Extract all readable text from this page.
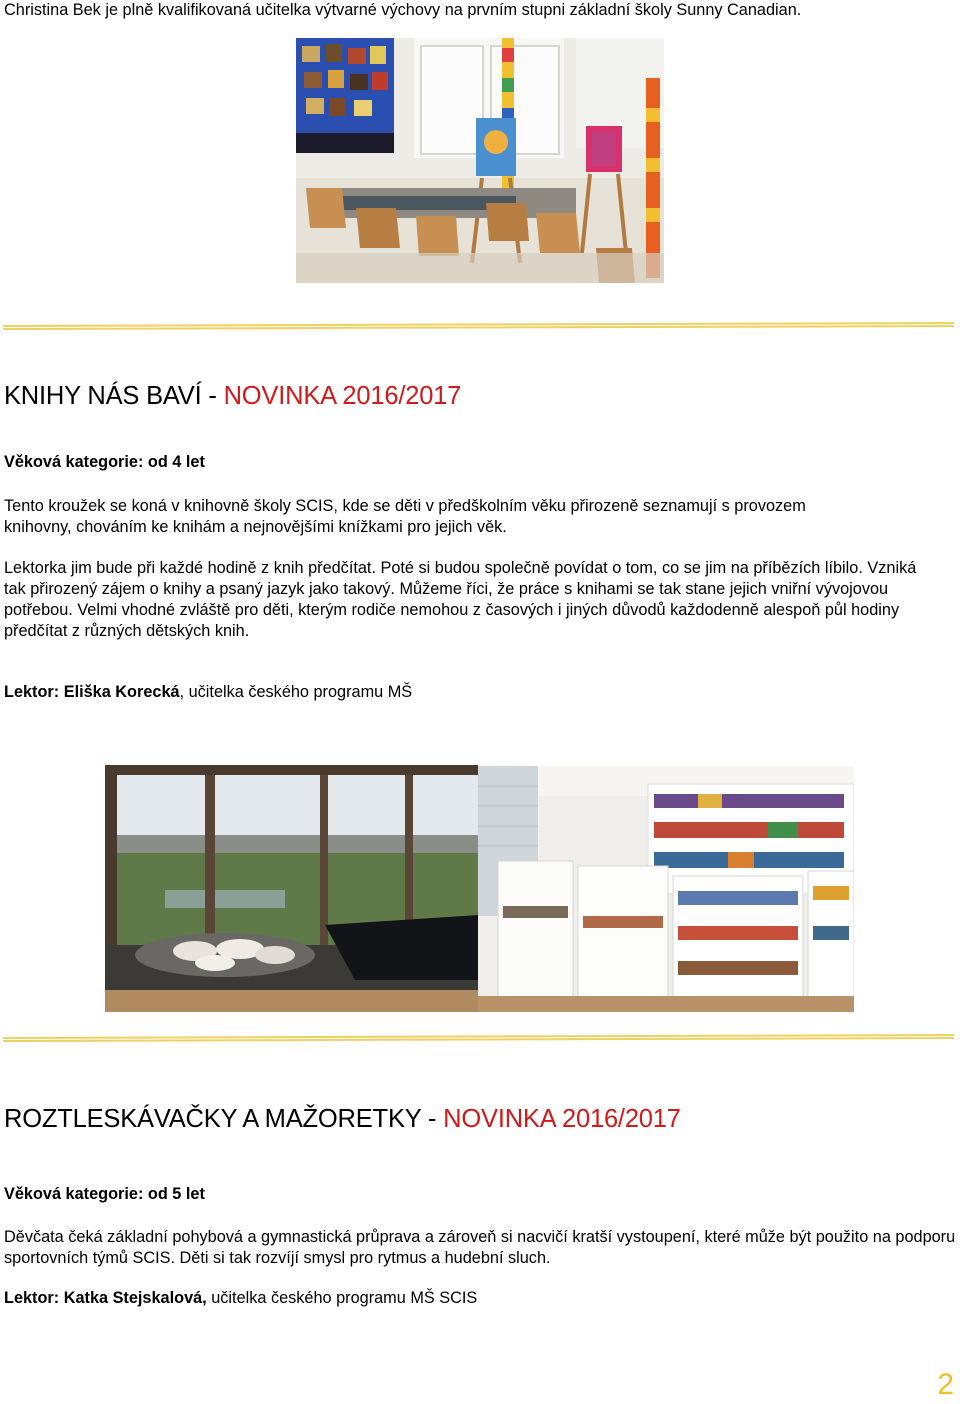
Christina Bek je plně kvalifikovaná učitelka výtvarné výchovy na prvním stupni základní školy Sunny Canadian.
KNIHY NÁS BAVÍ - NOVINKA 2016/2017
Věková kategorie: od 4 let
Tento kroužek se koná v knihovně školy SCIS, kde se děti v předškolním věku přirozeně seznamují s provozem knihovny, chováním ke knihám a nejnovějšími knížkami pro jejich věk.
Lektorka jim bude při každé hodině z knih předčítat. Poté si budou společně povídat o tom, co se jim na příbězích líbilo. Vzniká tak přirozený zájem o knihy a psaný jazyk jako takový. Můžeme říci, že práce s knihami se tak stane jejich vniřní vývojovou potřebou. Velmi vhodné zvláště pro děti, kterým rodiče nemohou z časových i jiných důvodů každodenně alespoň půl hodiny předčítat z různých dětských knih.
Lektor: Eliška Korecká, učitelka českého programu MŠ
ROZTLESKÁVAČKY A MAŽORETKY - NOVINKA 2016/2017
Věková kategorie: od 5 let
Děvčata čeká základní pohybová a gymnastická průprava a zároveň si nacvičí kratší vystoupení, které může být použito na podporu sportovních týmů SCIS. Děti si tak rozvíjí smysl pro rytmus a hudební sluch.
Lektor: Katka Stejskalová, učitelka českého programu MŠ SCIS
2
